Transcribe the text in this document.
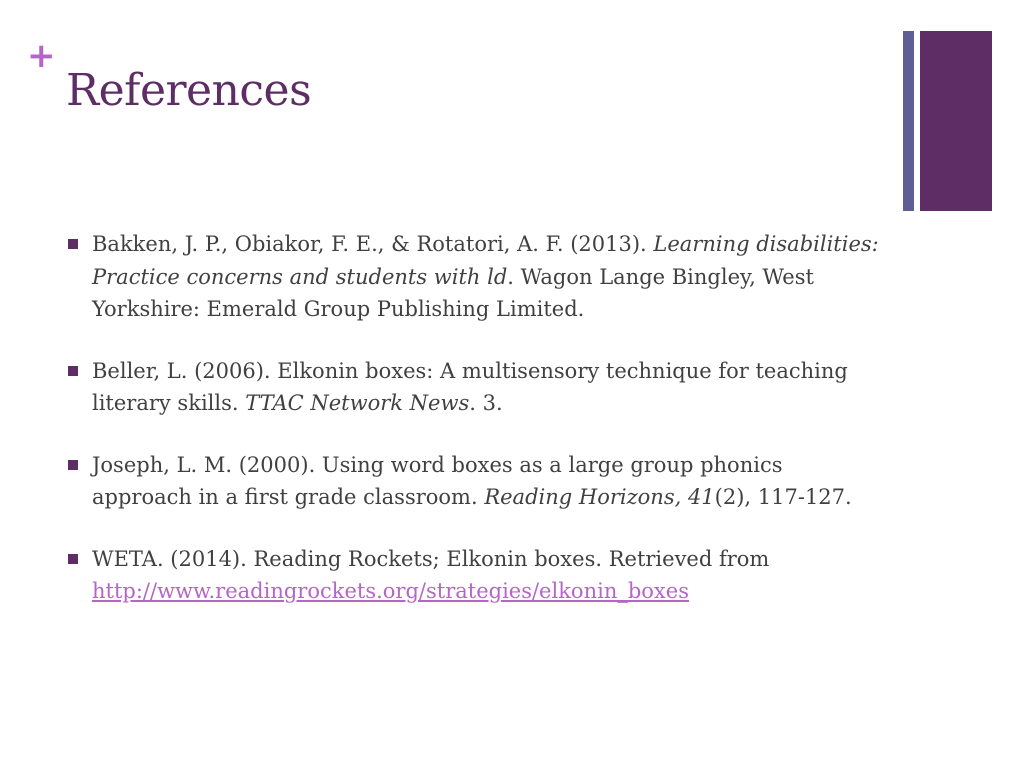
+
References
Bakken, J. P., Obiakor, F. E., & Rotatori, A. F. (2013). Learning disabilities: Practice concerns and students with ld. Wagon Lange Bingley, West Yorkshire: Emerald Group Publishing Limited.
Beller, L. (2006). Elkonin boxes: A multisensory technique for teaching literary skills. TTAC Network News. 3.
Joseph, L. M. (2000). Using word boxes as a large group phonics approach in a first grade classroom. Reading Horizons, 41(2), 117-127.
WETA. (2014). Reading Rockets; Elkonin boxes. Retrieved from http://www.readingrockets.org/strategies/elkonin_boxes
